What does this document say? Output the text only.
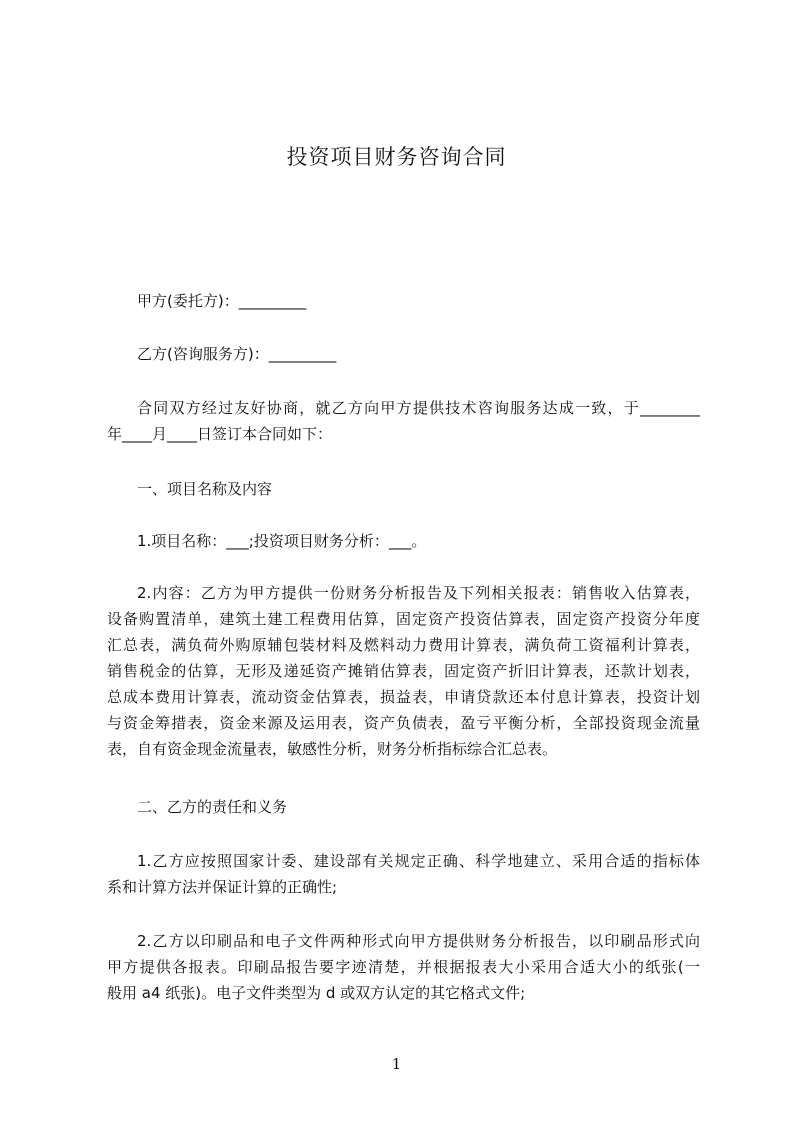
投资项目财务咨询合同
甲方(委托方)：_________
乙方(咨询服务方)：_________
合同双方经过友好协商，就乙方向甲方提供技术咨询服务达成一致，于________
年____月____日签订本合同如下：
一、项目名称及内容
1.项目名称：___;投资项目财务分析：___。
2.内容：乙方为甲方提供一份财务分析报告及下列相关报表：销售收入估算表，
设备购置清单，建筑土建工程费用估算，固定资产投资估算表，固定资产投资分年度
汇总表，满负荷外购原辅包装材料及燃料动力费用计算表，满负荷工资福利计算表，
销售税金的估算，无形及递延资产摊销估算表，固定资产折旧计算表，还款计划表，
总成本费用计算表，流动资金估算表，损益表，申请贷款还本付息计算表，投资计划
与资金筹措表，资金来源及运用表，资产负债表，盈亏平衡分析，全部投资现金流量
表，自有资金现金流量表，敏感性分析，财务分析指标综合汇总表。
二、乙方的责任和义务
1.乙方应按照国家计委、建设部有关规定正确、科学地建立、采用合适的指标体
系和计算方法并保证计算的正确性;
2.乙方以印刷品和电子文件两种形式向甲方提供财务分析报告，以印刷品形式向
甲方提供各报表。印刷品报告要字迹清楚，并根据报表大小采用合适大小的纸张(一
般用 a4 纸张)。电子文件类型为 d 或双方认定的其它格式文件;
1
